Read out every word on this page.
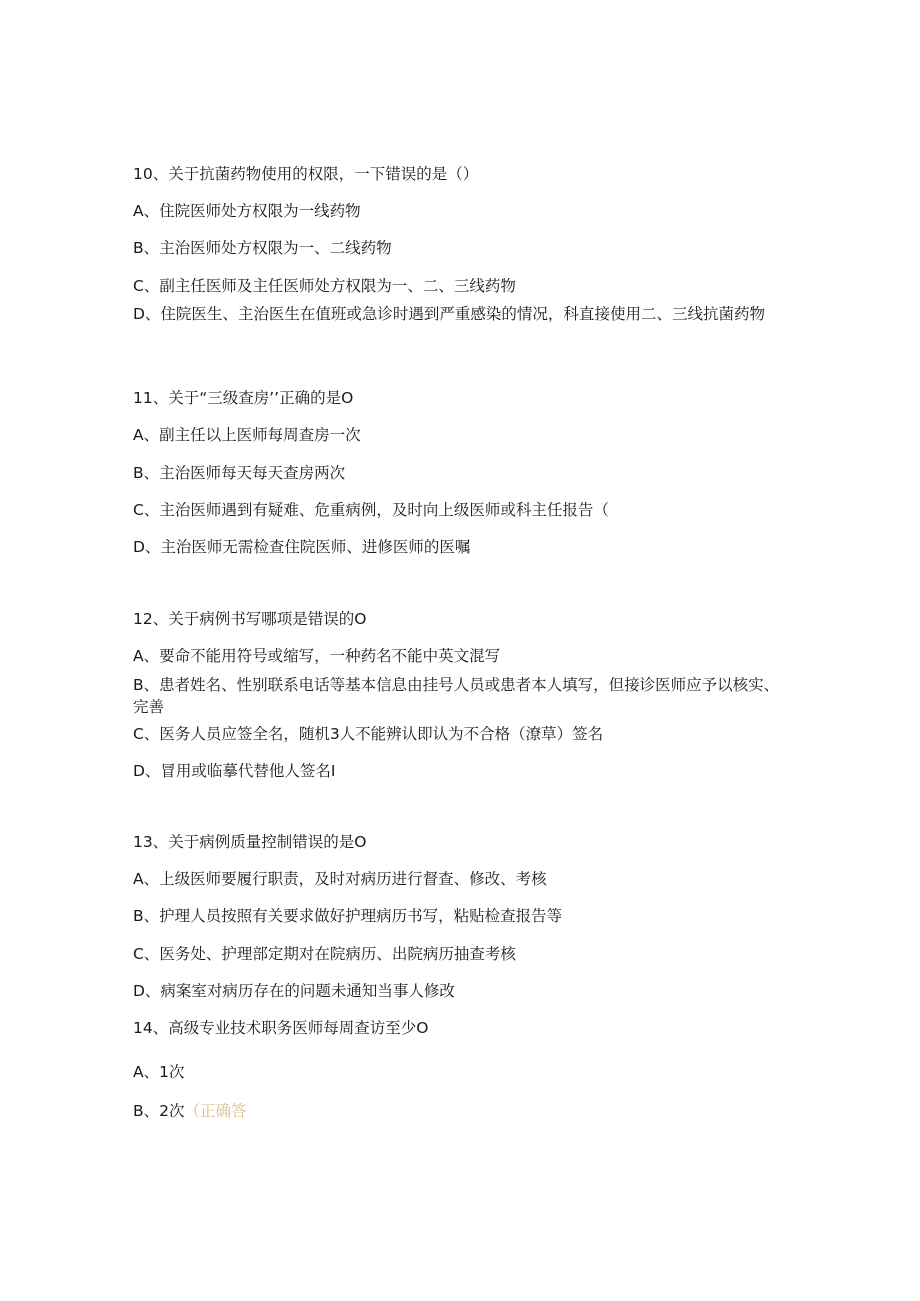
10、关于抗菌药物使用的权限，一下错误的是（）
A、住院医师处方权限为一线药物
B、主治医师处方权限为一、二线药物
C、副主任医师及主任医师处方权限为一、二、三线药物
D、住院医生、主治医生在值班或急诊时遇到严重感染的情况，科直接使用二、三线抗菌药物
11、关于“三级查房’’正确的是O
A、副主任以上医师每周查房一次
B、主治医师每天每天查房两次
C、主治医师遇到有疑难、危重病例，及时向上级医师或科主任报告（
D、主治医师无需检查住院医师、进修医师的医嘱
12、关于病例书写哪项是错误的O
A、要命不能用符号或缩写，一种药名不能中英文混写
B、患者姓名、性别联系电话等基本信息由挂号人员或患者本人填写，但接诊医师应予以核实、完善
C、医务人员应签全名，随机3人不能辨认即认为不合格（潦草）签名
D、冒用或临摹代替他人签名I
13、关于病例质量控制错误的是O
A、上级医师要履行职责，及时对病历进行督查、修改、考核
B、护理人员按照有关要求做好护理病历书写，粘贴检查报告等
C、医务处、护理部定期对在院病历、出院病历抽查考核
D、病案室对病历存在的问题未通知当事人修改
14、高级专业技术职务医师每周查访至少O
A、1次
B、2次（正确答
